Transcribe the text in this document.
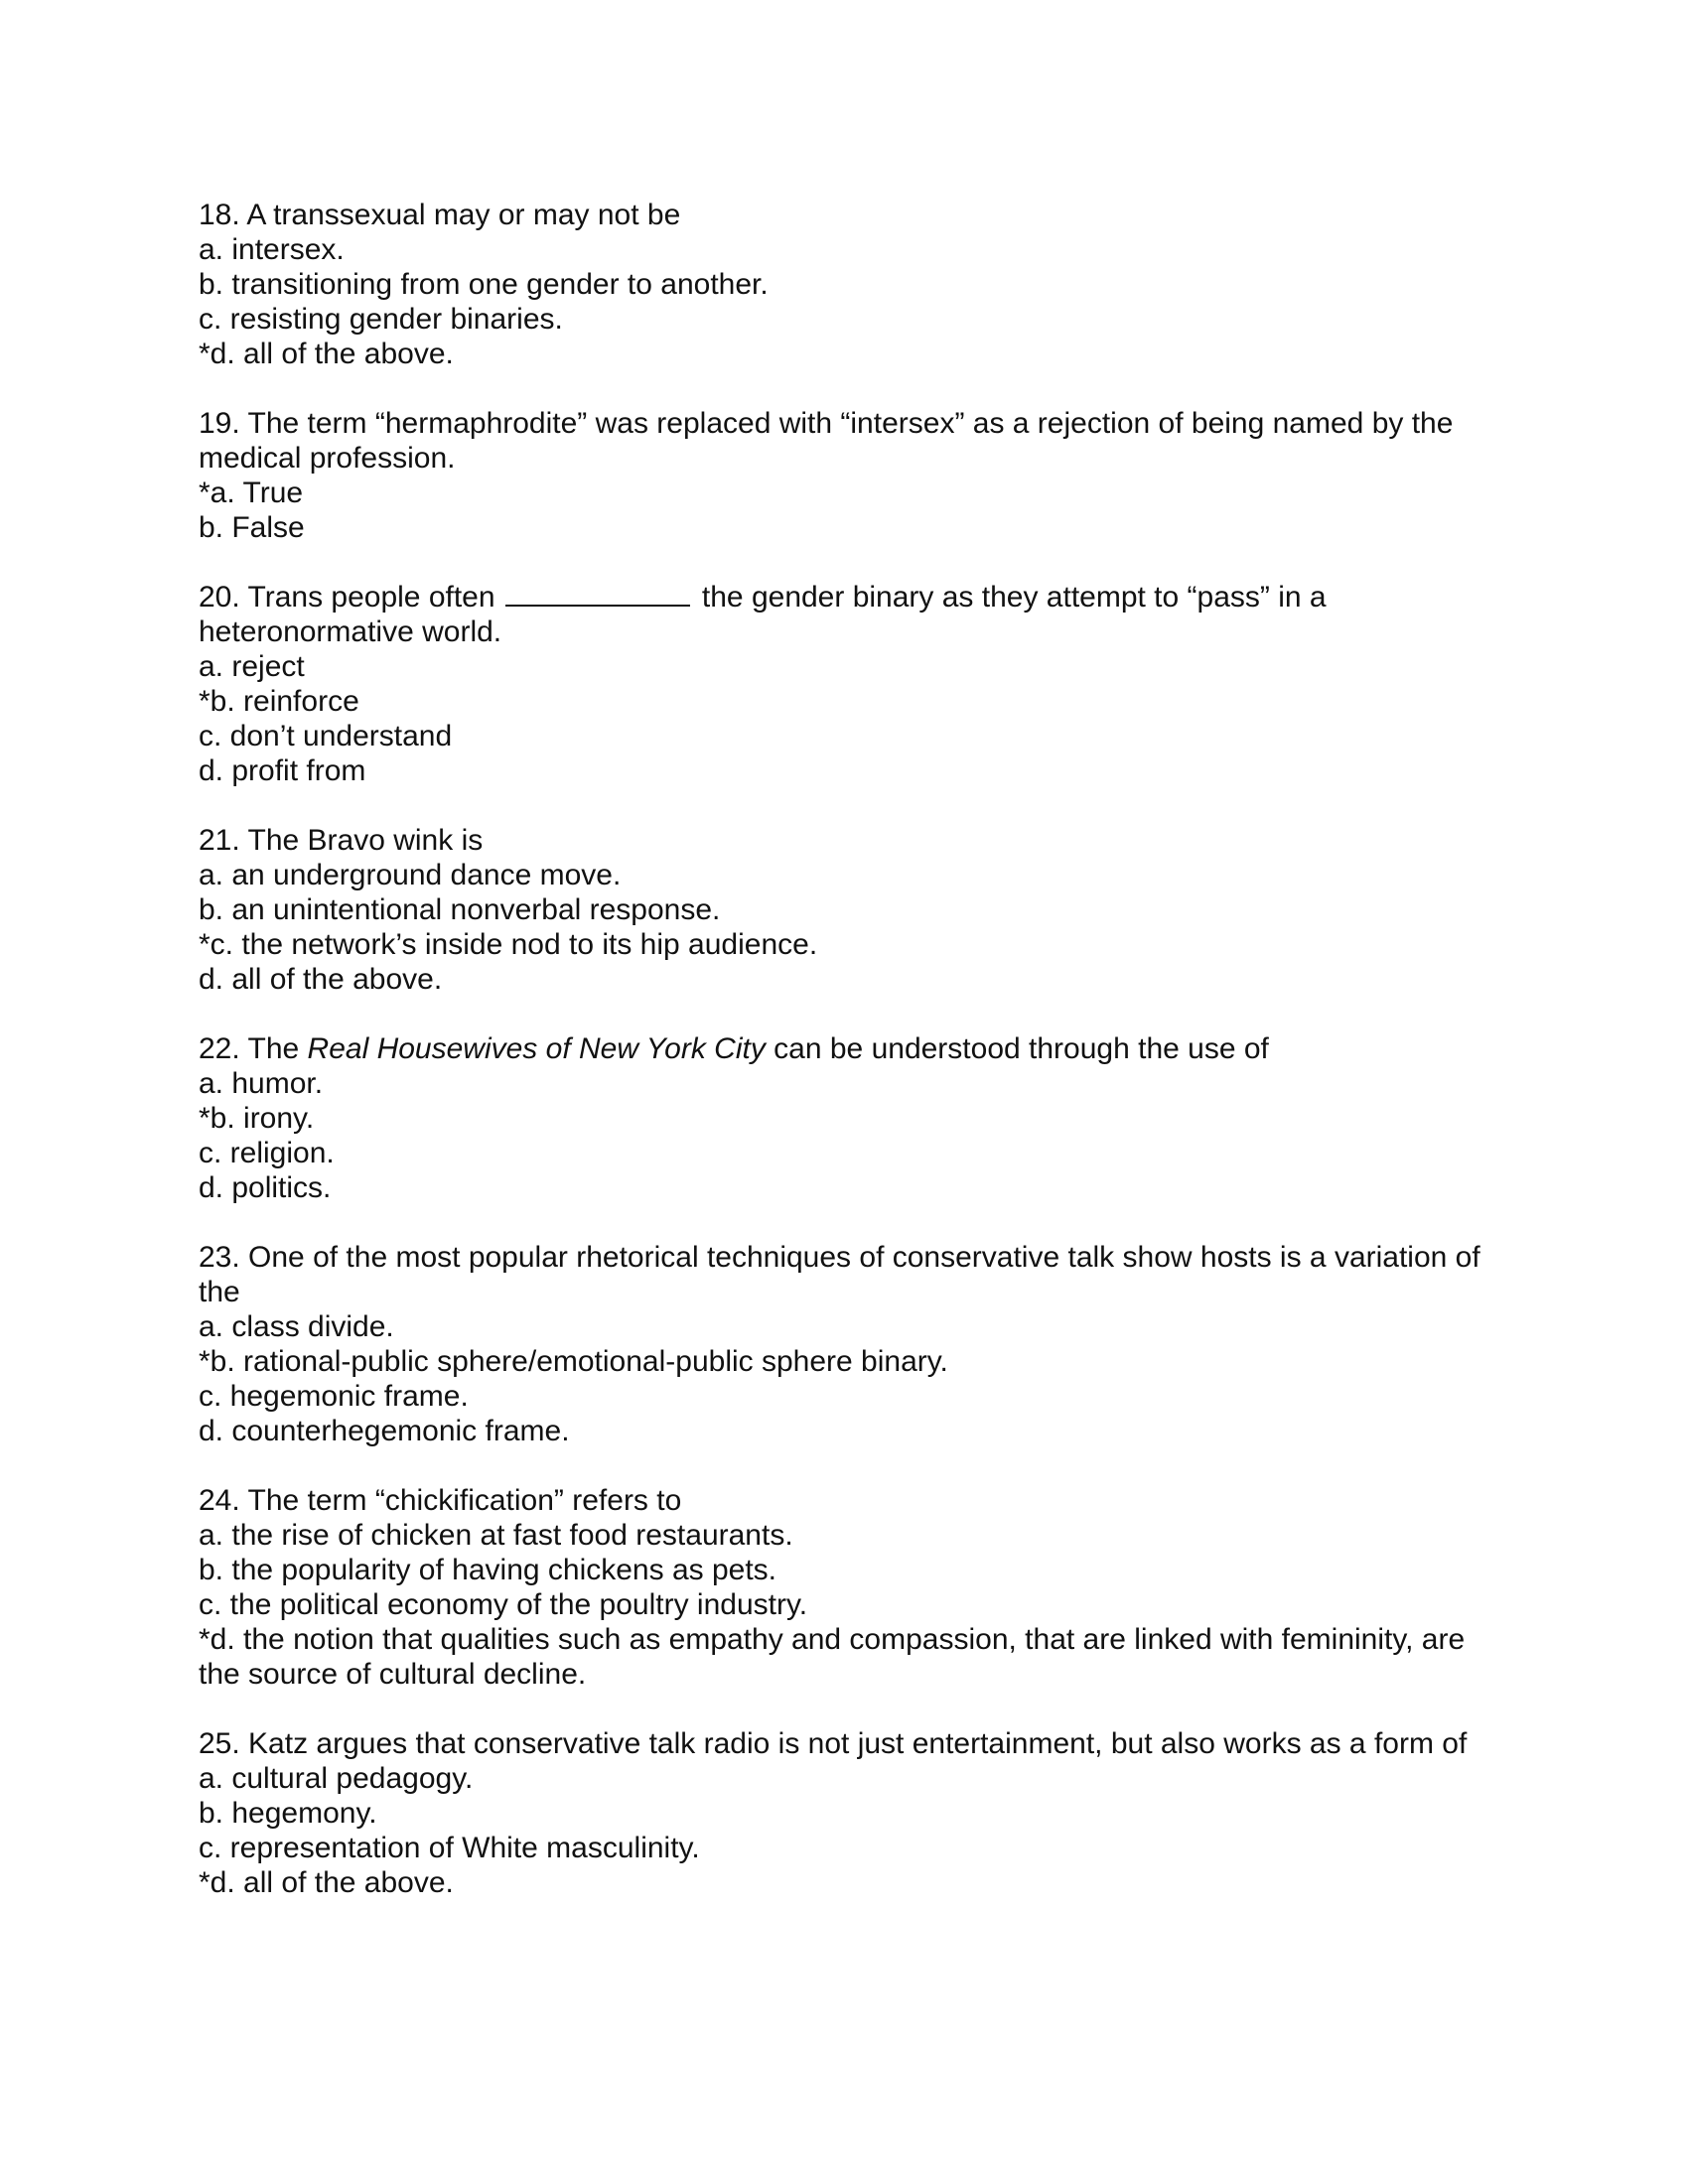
18. A transsexual may or may not be

a. intersex.

b. transitioning from one gender to another.

c. resisting gender binaries.

*d. all of the above.

19. The term “hermaphrodite” was replaced with “intersex” as a rejection of being named by the medical profession.

*a. True

b. False

20. Trans people often	the gender binary as they attempt to “pass” in a heteronormative world.

a. reject

*b. reinforce

c. don’t understand

d. profit from

21. The Bravo wink is

a. an underground dance move.

b. an unintentional nonverbal response.

*c. the network’s inside nod to its hip audience.

d. all of the above.

22. The Real Housewives of New York City can be understood through the use of

a. humor.

*b. irony.

c. religion.

d. politics.

23. One of the most popular rhetorical techniques of conservative talk show hosts is a variation of the

a. class divide.

*b. rational-public sphere/emotional-public sphere binary.

c. hegemonic frame.

d. counterhegemonic frame.

24. The term “chickification” refers to

a. the rise of chicken at fast food restaurants.

b. the popularity of having chickens as pets.

c. the political economy of the poultry industry.

*d. the notion that qualities such as empathy and compassion, that are linked with femininity, are the source of cultural decline.

25. Katz argues that conservative talk radio is not just entertainment, but also works as a form of

a. cultural pedagogy.

b. hegemony.

c. representation of White masculinity.

*d. all of the above.
